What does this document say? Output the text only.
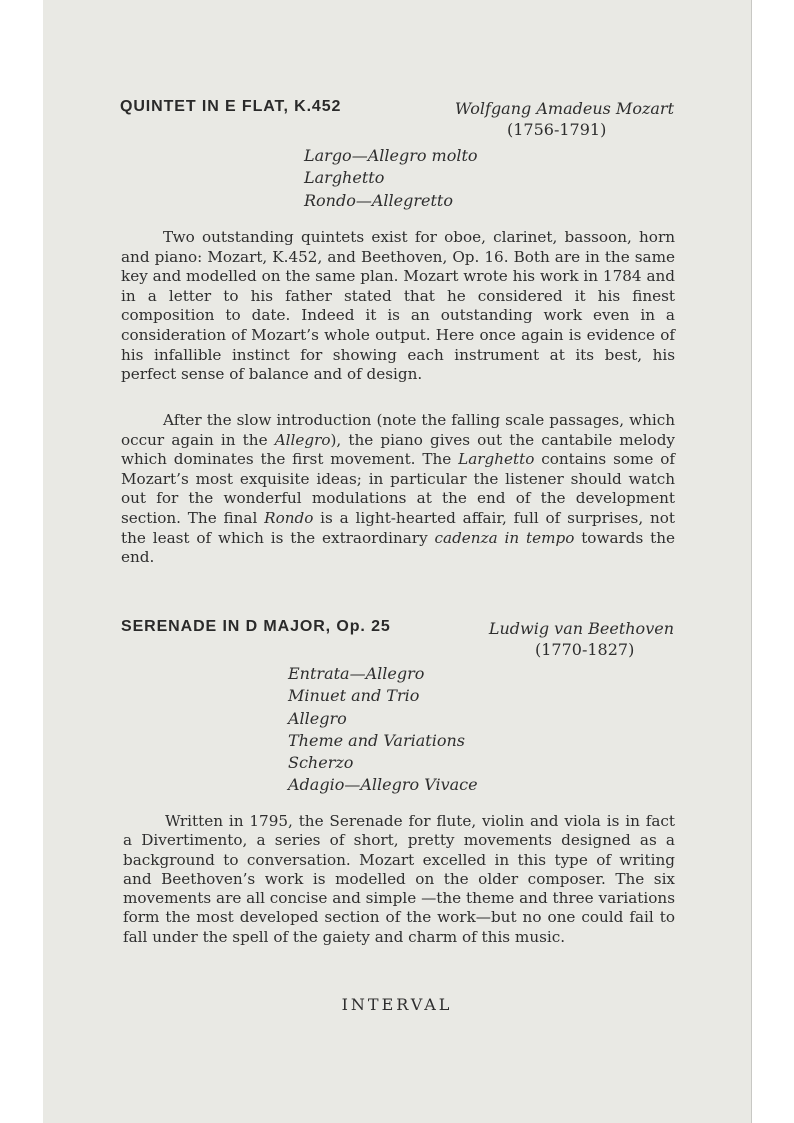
QUINTET IN E FLAT, K.452	Wolfgang Amadeus Mozart
(1756-1791)
Largo—Allegro molto
Larghetto
Rondo—Allegretto

Two outstanding quintets exist for oboe, clarinet, bassoon, horn and piano: Mozart, K.452, and Beethoven, Op. 16. Both are in the same key and modelled on the same plan. Mozart wrote his work in 1784 and in a letter to his father stated that he considered it his finest composition to date. Indeed it is an outstanding work even in a consideration of Mozart’s whole output. Here once again is evidence of his infallible instinct for showing each instrument at its best, his perfect sense of balance and of design.

After the slow introduction (note the falling scale passages, which occur again in the Allegro), the piano gives out the cantabile melody which dominates the first movement. The Larghetto contains some of Mozart’s most exquisite ideas; in particular the listener should watch out for the wonderful modulations at the end of the development section. The final Rondo is a light-hearted affair, full of surprises, not the least of which is the extraordinary cadenza in tempo towards the end.

SERENADE IN D MAJOR, Op. 25	Ludwig van Beethoven
(1770-1827)
Entrata—Allegro
Minuet and Trio
Allegro
Theme and Variations
Scherzo
Adagio—Allegro Vivace

Written in 1795, the Serenade for flute, violin and viola is in fact a Divertimento, a series of short, pretty movements designed as a background to conversation. Mozart excelled in this type of writing and Beethoven’s work is modelled on the older composer. The six movements are all concise and simple —the theme and three variations form the most developed section of the work—but no one could fail to fall under the spell of the gaiety and charm of this music.

INTERVAL
